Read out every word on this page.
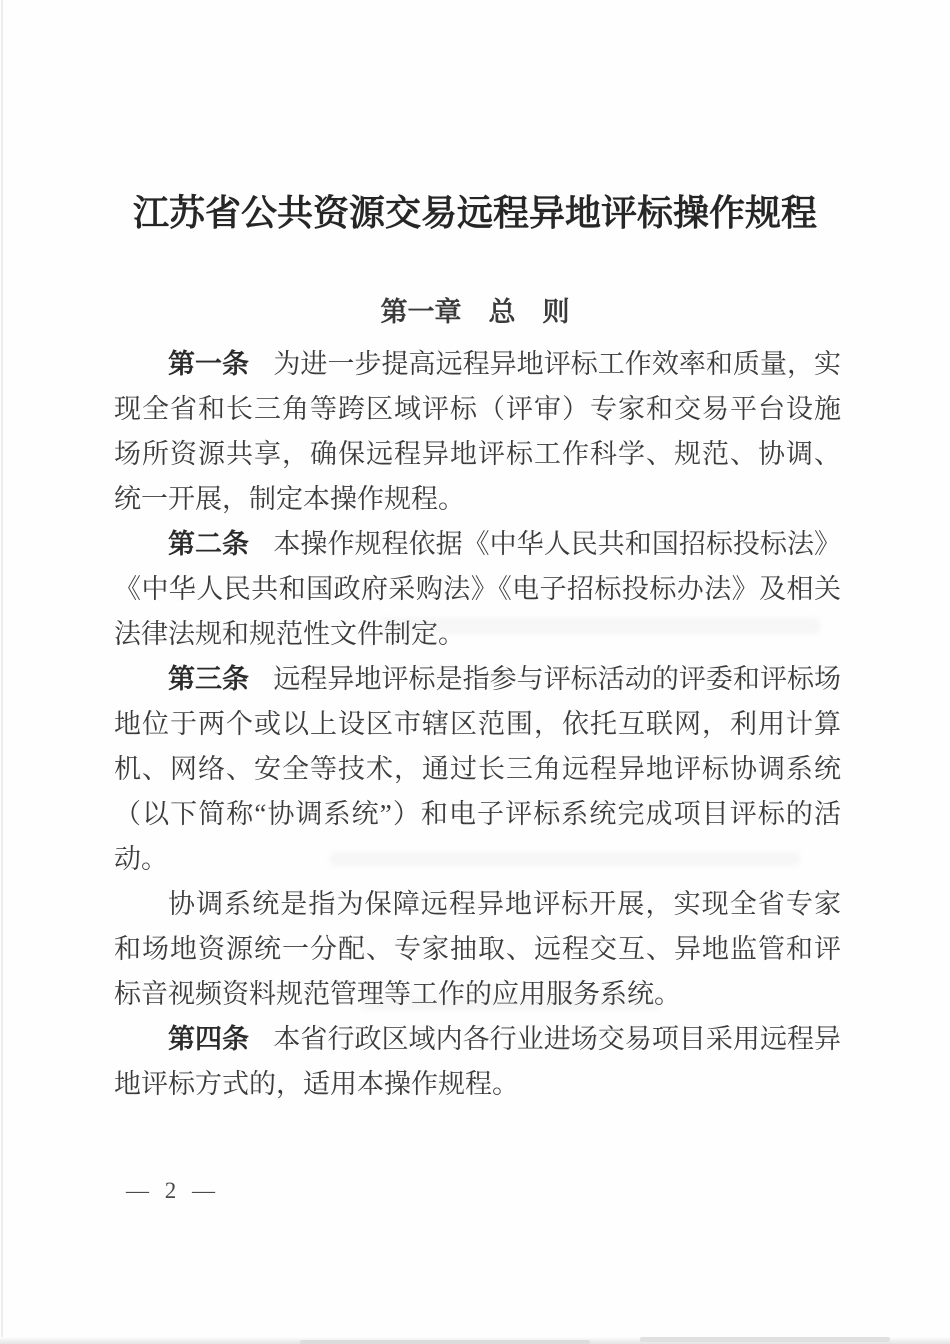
江苏省公共资源交易远程异地评标操作规程
第一章　总　则

第一条 为进一步提高远程异地评标工作效率和质量，实现全省和长三角等跨区域评标（评审）专家和交易平台设施场所资源共享，确保远程异地评标工作科学、规范、协调、统一开展，制定本操作规程。

第二条 本操作规程依据《中华人民共和国招标投标法》《中华人民共和国政府采购法》《电子招标投标办法》及相关法律法规和规范性文件制定。

第三条 远程异地评标是指参与评标活动的评委和评标场地位于两个或以上设区市辖区范围，依托互联网，利用计算机、网络、安全等技术，通过长三角远程异地评标协调系统（以下简称“协调系统”）和电子评标系统完成项目评标的活动。

协调系统是指为保障远程异地评标开展，实现全省专家和场地资源统一分配、专家抽取、远程交互、异地监管和评标音视频资料规范管理等工作的应用服务系统。

第四条 本省行政区域内各行业进场交易项目采用远程异地评标方式的，适用本操作规程。

— 2 —
